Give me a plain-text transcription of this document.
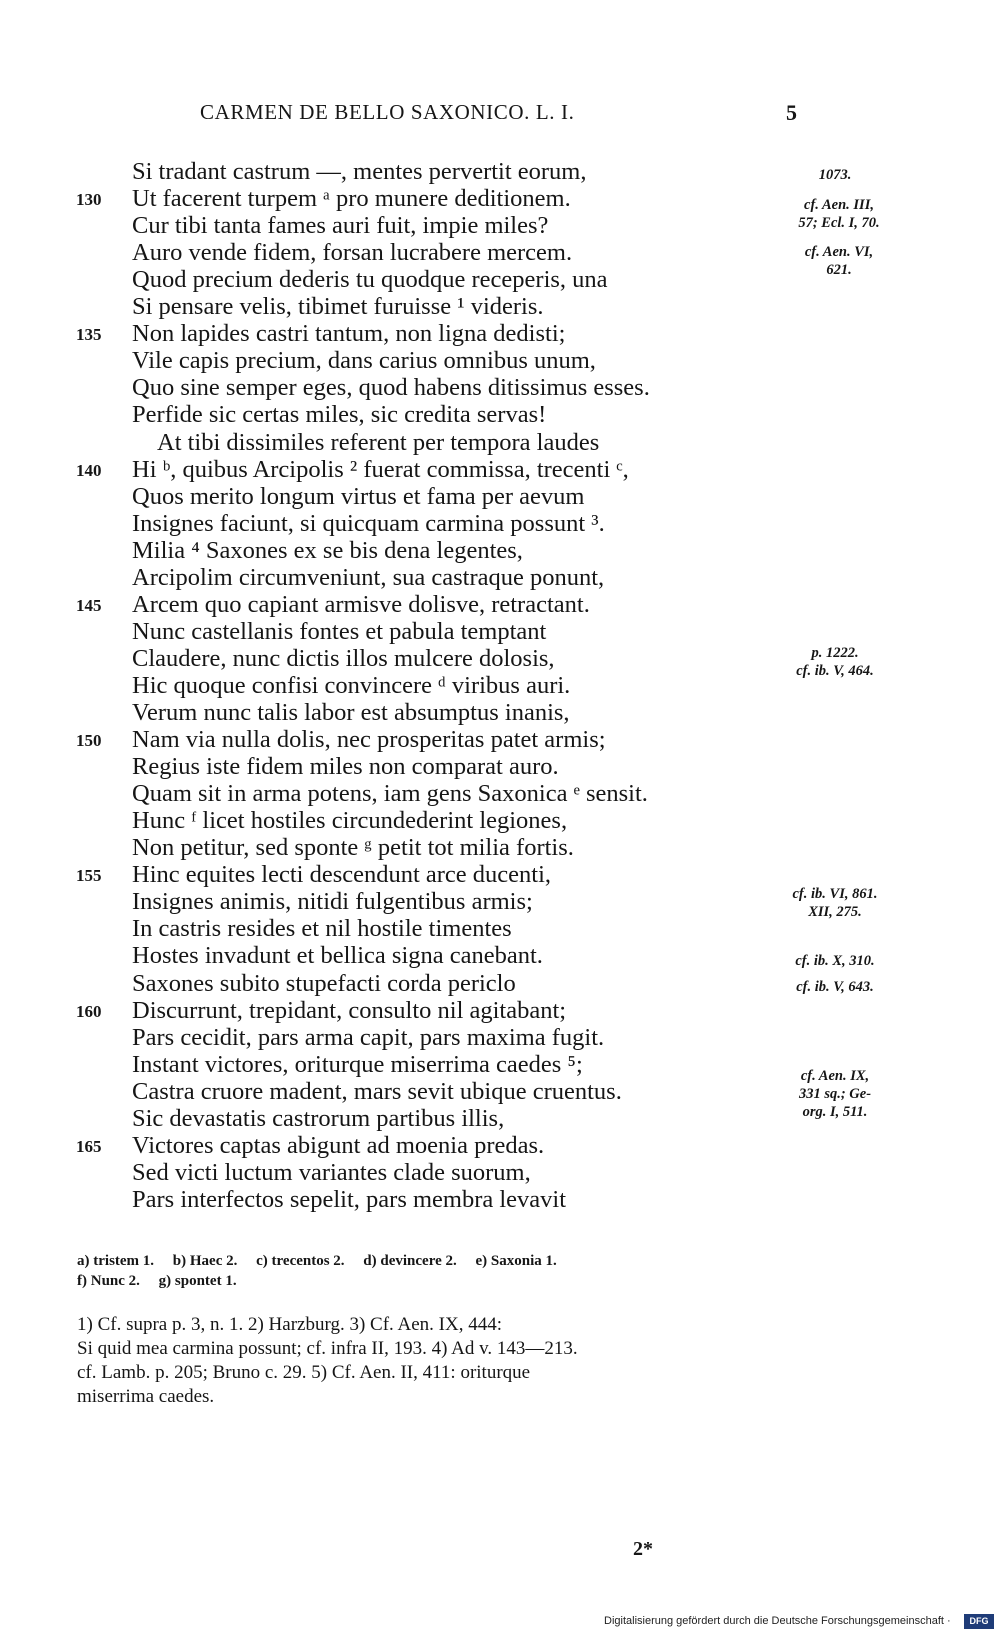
CARMEN DE BELLO SAXONICO. L. I.	5
Si tradant castrum —, mentes pervertit eorum,
Ut facerent turpem ᵃ pro munere deditionem.
130
Cur tibi tanta fames auri fuit, impie miles?
Auro vende fidem, forsan lucrabere mercem.
Quod precium dederis tu quodque receperis, una
Si pensare velis, tibimet furuisse ¹ videris.
Non lapides castri tantum, non ligna dedisti;
135
Vile capis precium, dans carius omnibus unum,
Quo sine semper eges, quod habens ditissimus esses.
Perfide sic certas miles, sic credita servas!
At tibi dissimiles referent per tempora laudes
Hi ᵇ, quibus Arcipolis ² fuerat commissa, trecenti ᶜ,
140
Quos merito longum virtus et fama per aevum
Insignes faciunt, si quicquam carmina possunt ³.
Milia ⁴ Saxones ex se bis dena legentes,
Arcipolim circumveniunt, sua castraque ponunt,
Arcem quo capiant armisve dolisve, retractant.
145
Nunc castellanis fontes et pabula temptant
Claudere, nunc dictis illos mulcere dolosis,
Hic quoque confisi convincere ᵈ viribus auri.
Verum nunc talis labor est absumptus inanis,
Nam via nulla dolis, nec prosperitas patet armis;
150
Regius iste fidem miles non comparat auro.
Quam sit in arma potens, iam gens Saxonica ᵉ sensit.
Hunc ᶠ licet hostiles circundederint legiones,
Non petitur, sed sponte ᵍ petit tot milia fortis.
Hinc equites lecti descendunt arce ducenti,
155
Insignes animis, nitidi fulgentibus armis;
In castris resides et nil hostile timentes
Hostes invadunt et bellica signa canebant.
Saxones subito stupefacti corda periclo
Discurrunt, trepidant, consulto nil agitabant;
160
Pars cecidit, pars arma capit, pars maxima fugit.
Instant victores, oriturque miserrima caedes ⁵;
Castra cruore madent, mars sevit ubique cruentus.
Sic devastatis castrorum partibus illis,
Victores captas abigunt ad moenia predas.
165
Sed victi luctum variantes clade suorum,
Pars interfectos sepelit, pars membra levavit
1073.
cf. Aen. III,
57; Ecl. I, 70.
cf. Aen. VI,
621.
p. 1222.
cf. ib. V, 464.
cf. ib. VI, 861.
XII, 275.
cf. ib. X, 310.
cf. ib. V, 643.
cf. Aen. IX,
331 sq.; Ge-
org. I, 511.
a) tristem 1.     b) Haec 2.     c) trecentos 2.     d) devincere 2.     e) Saxonia 1.
f) Nunc 2.     g) spontet 1.
1) Cf. supra p. 3, n. 1. 2) Harzburg. 3) Cf. Aen. IX, 444:
Si quid mea carmina possunt; cf. infra II, 193. 4) Ad v. 143—213.
cf. Lamb. p. 205; Bruno c. 29. 5) Cf. Aen. II, 411: oriturque
miserrima caedes.
2*
Digitalisierung gefördert durch die Deutsche Forschungsgemeinschaft ·	DFG
